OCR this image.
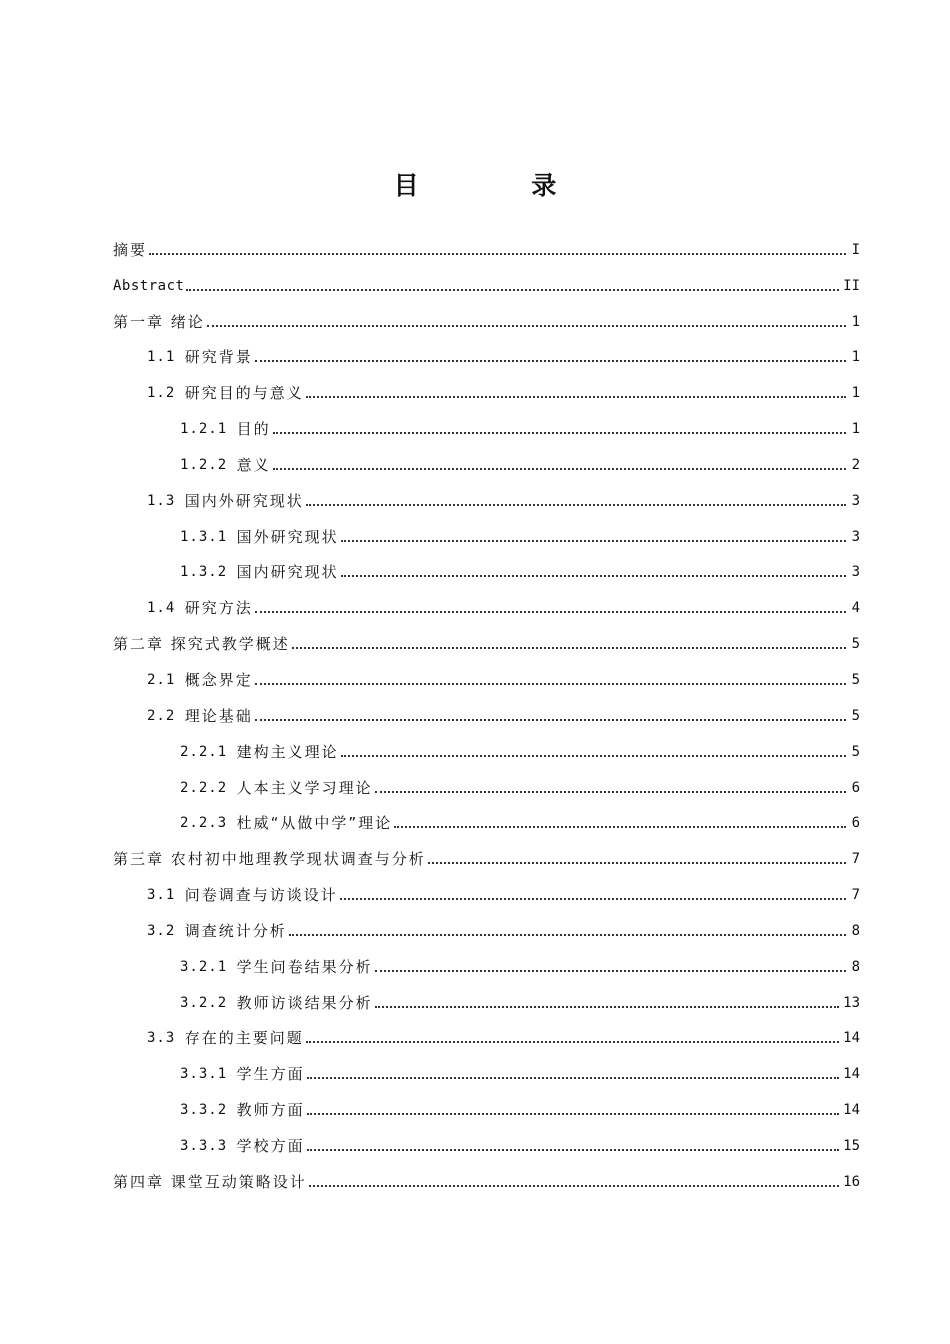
目 录
摘要	I
Abstract	II
第一章 绪论	1
1.1 研究背景	1
1.2 研究目的与意义	1
1.2.1 目的	1
1.2.2 意义	2
1.3 国内外研究现状	3
1.3.1 国外研究现状	3
1.3.2 国内研究现状	3
1.4 研究方法	4
第二章 探究式教学概述	5
2.1 概念界定	5
2.2 理论基础	5
2.2.1 建构主义理论	5
2.2.2 人本主义学习理论	6
2.2.3 杜威“从做中学”理论	6
第三章 农村初中地理教学现状调查与分析	7
3.1 问卷调查与访谈设计	7
3.2 调查统计分析	8
3.2.1 学生问卷结果分析	8
3.2.2 教师访谈结果分析	13
3.3 存在的主要问题	14
3.3.1 学生方面	14
3.3.2 教师方面	14
3.3.3 学校方面	15
第四章 课堂互动策略设计	16
